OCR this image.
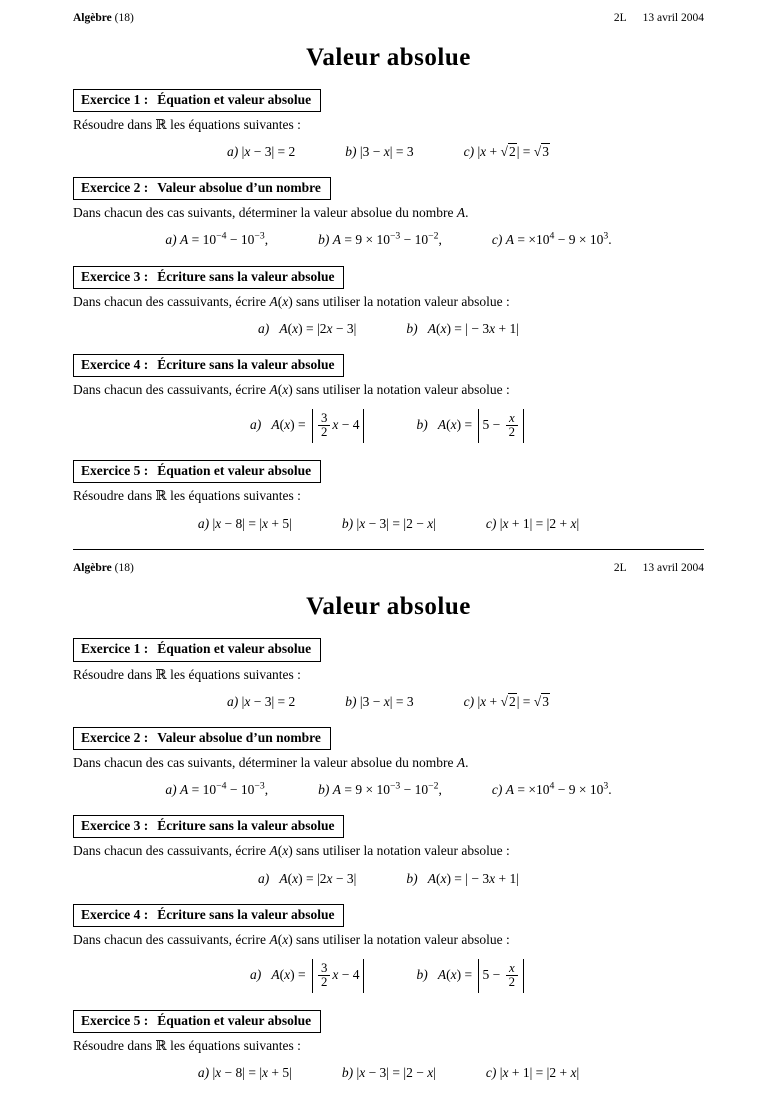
Algèbre (18)	2L 13 avril 2004
Valeur absolue
Exercice 1 : Équation et valeur absolue

Résoudre dans ℝ les équations suivantes :

a) |x − 3| = 2	b) |3 − x| = 3	c) |x + √2| = √3
Exercice 2 : Valeur absolue d’un nombre

Dans chacun des cas suivants, déterminer la valeur absolue du nombre A.

a) $A = 10^{-4} - 10^{-3}$,	b) $A = 9 \times 10^{-3} - 10^{-2}$,	c) $A = \times 10^4 - 9 \times 10^3$.
Exercice 3 : Écriture sans la valeur absolue

Dans chacun des cassuivants, écrire A(x) sans utiliser la notation valeur absolue :

a) A(x) = |2x − 3|	b) A(x) = | − 3x + 1|
Exercice 4 : Écriture sans la valeur absolue

Dans chacun des cassuivants, écrire A(x) sans utiliser la notation valeur absolue :

a) $A(x) = \frac{3}{2}$ x − 4	b) $A(x) = 5 - \frac{x}{2}$
Exercice 5 : Équation et valeur absolue

Résoudre dans ℝ les équations suivantes :

a) |x − 8| = |x + 5|	b) |x − 3| = |2 − x|	c) |x + 1| = |2 + x|
Algèbre (18)	2L 13 avril 2004
Valeur absolue
Exercice 1 : Équation et valeur absolue

Résoudre dans ℝ les équations suivantes :

a) |x − 3| = 2	b) |3 − x| = 3	c) |x + √2| = √3
Exercice 2 : Valeur absolue d’un nombre

Dans chacun des cas suivants, déterminer la valeur absolue du nombre A.

a) $A = 10^{-4} - 10^{-3}$,	b) $A = 9 \times 10^{-3} - 10^{-2}$,	c) $A = \times 10^4 - 9 \times 10^3$.
Exercice 3 : Écriture sans la valeur absolue

Dans chacun des cassuivants, écrire A(x) sans utiliser la notation valeur absolue :

a) A(x) = |2x − 3|	b) A(x) = | − 3x + 1|
Exercice 4 : Écriture sans la valeur absolue

Dans chacun des cassuivants, écrire A(x) sans utiliser la notation valeur absolue :

a) $A(x) = \frac{3}{2}$ x − 4	b) $A(x) = 5 - \frac{x}{2}$
Exercice 5 : Équation et valeur absolue

Résoudre dans ℝ les équations suivantes :

a) |x − 8| = |x + 5|	b) |x − 3| = |2 − x|	c) |x + 1| = |2 + x|
